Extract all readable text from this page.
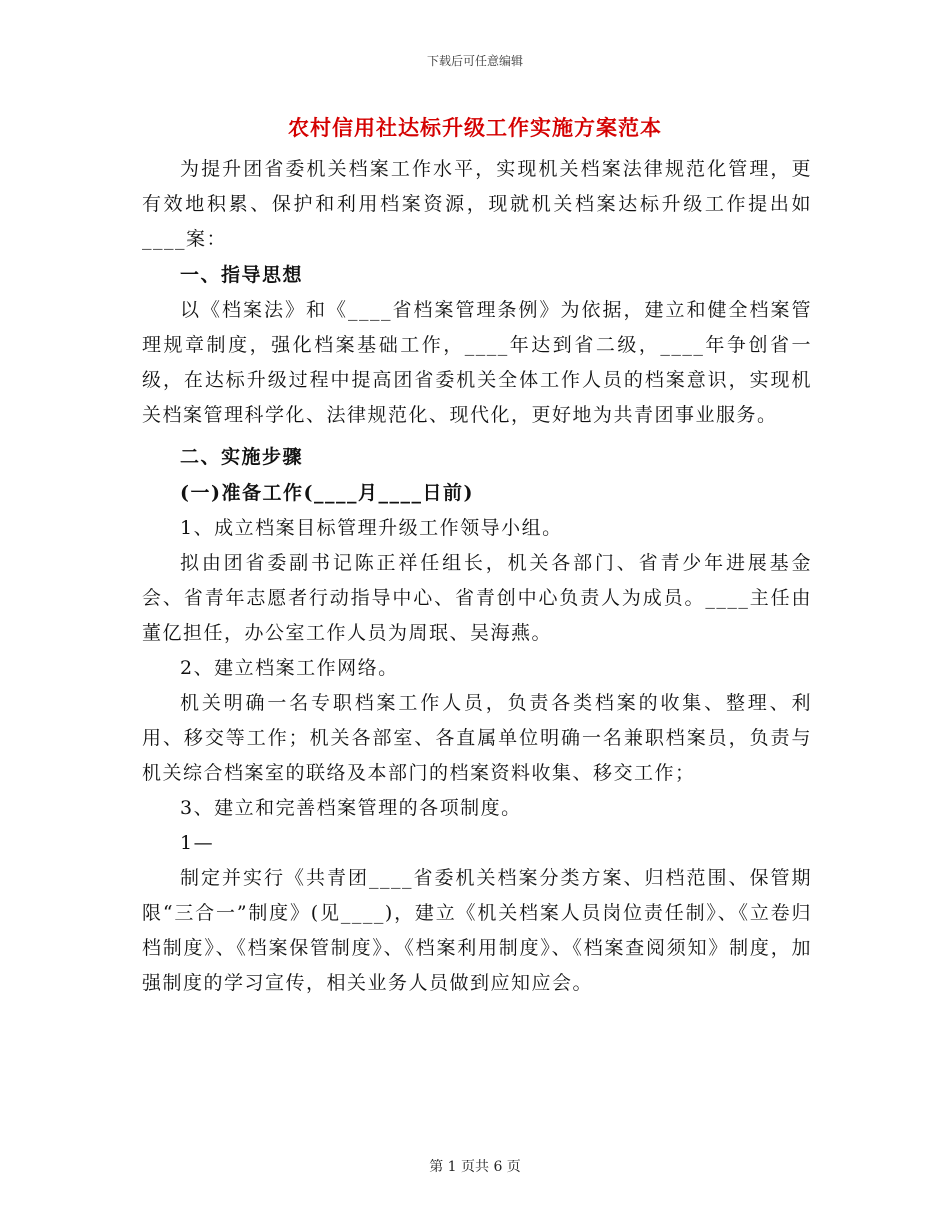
下载后可任意编辑
农村信用社达标升级工作实施方案范本

为提升团省委机关档案工作水平，实现机关档案法律规范化管理，更有效地积累、保护和利用档案资源，现就机关档案达标升级工作提出如____案：

一、指导思想

以《档案法》和《____省档案管理条例》为依据，建立和健全档案管理规章制度，强化档案基础工作，____年达到省二级，____年争创省一级，在达标升级过程中提高团省委机关全体工作人员的档案意识，实现机关档案管理科学化、法律规范化、现代化，更好地为共青团事业服务。

二、实施步骤

(一)准备工作(____月____日前)

1、成立档案目标管理升级工作领导小组。

拟由团省委副书记陈正祥任组长，机关各部门、省青少年进展基金会、省青年志愿者行动指导中心、省青创中心负责人为成员。____主任由董亿担任，办公室工作人员为周珉、吴海燕。

2、建立档案工作网络。

机关明确一名专职档案工作人员，负责各类档案的收集、整理、利用、移交等工作；机关各部室、各直属单位明确一名兼职档案员，负责与机关综合档案室的联络及本部门的档案资料收集、移交工作；

3、建立和完善档案管理的各项制度。

1—

制定并实行《共青团____省委机关档案分类方案、归档范围、保管期限“三合一”制度》(见____)，建立《机关档案人员岗位责任制》、《立卷归档制度》、《档案保管制度》、《档案利用制度》、《档案查阅须知》制度，加强制度的学习宣传，相关业务人员做到应知应会。

第 1 页共 6 页
